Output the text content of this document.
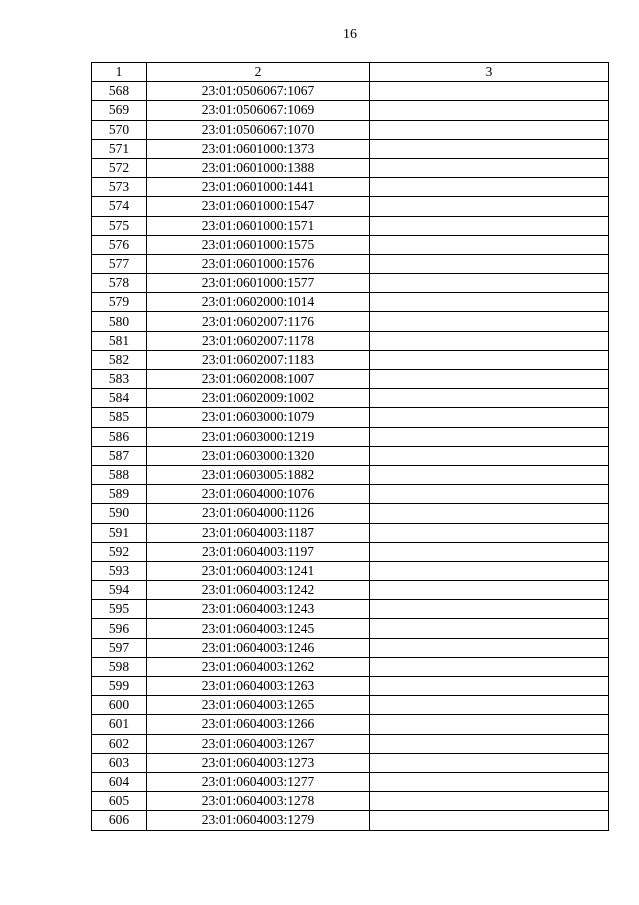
16
1	2	3
568	23:01:0506067:1067	
569	23:01:0506067:1069	
570	23:01:0506067:1070	
571	23:01:0601000:1373	
572	23:01:0601000:1388	
573	23:01:0601000:1441	
574	23:01:0601000:1547	
575	23:01:0601000:1571	
576	23:01:0601000:1575	
577	23:01:0601000:1576	
578	23:01:0601000:1577	
579	23:01:0602000:1014	
580	23:01:0602007:1176	
581	23:01:0602007:1178	
582	23:01:0602007:1183	
583	23:01:0602008:1007	
584	23:01:0602009:1002	
585	23:01:0603000:1079	
586	23:01:0603000:1219	
587	23:01:0603000:1320	
588	23:01:0603005:1882	
589	23:01:0604000:1076	
590	23:01:0604000:1126	
591	23:01:0604003:1187	
592	23:01:0604003:1197	
593	23:01:0604003:1241	
594	23:01:0604003:1242	
595	23:01:0604003:1243	
596	23:01:0604003:1245	
597	23:01:0604003:1246	
598	23:01:0604003:1262	
599	23:01:0604003:1263	
600	23:01:0604003:1265	
601	23:01:0604003:1266	
602	23:01:0604003:1267	
603	23:01:0604003:1273	
604	23:01:0604003:1277	
605	23:01:0604003:1278	
606	23:01:0604003:1279	
